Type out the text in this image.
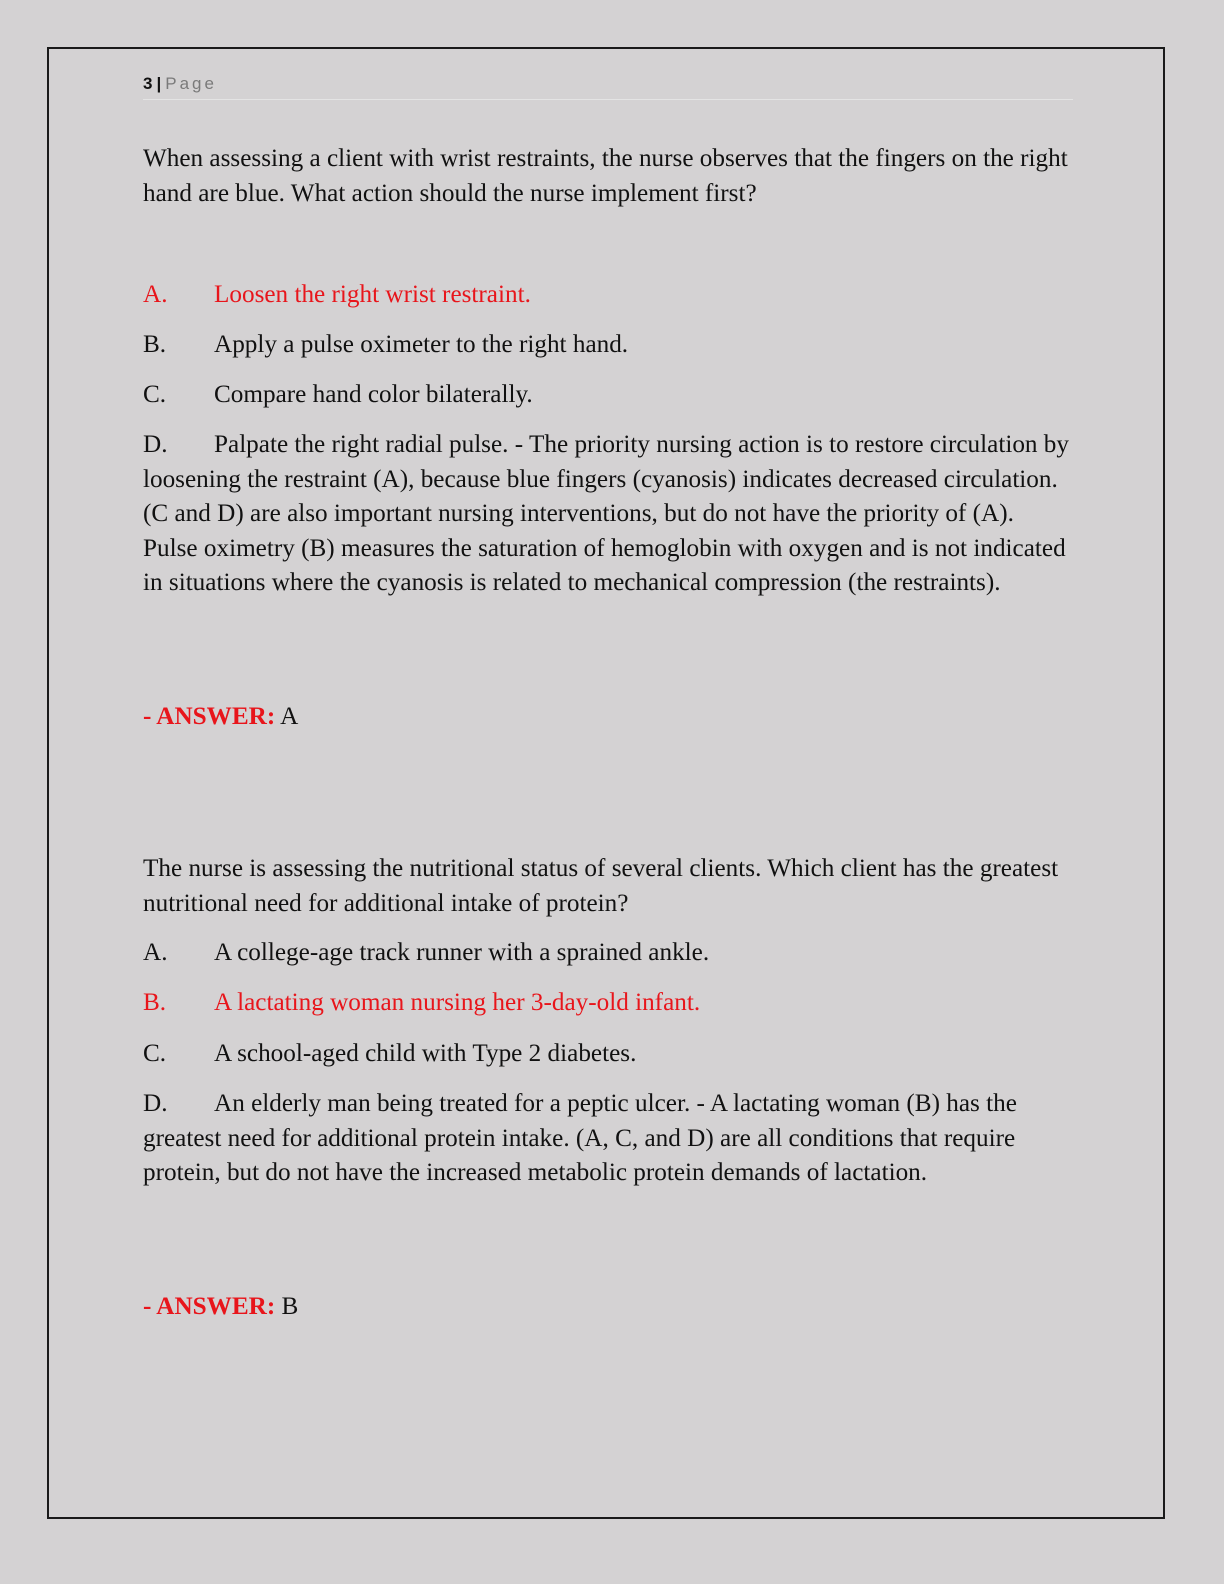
3 | Page

When assessing a client with wrist restraints, the nurse observes that the fingers on the right hand are blue. What action should the nurse implement first?

A. Loosen the right wrist restraint.

B. Apply a pulse oximeter to the right hand.

C. Compare hand color bilaterally.

D. Palpate the right radial pulse. - The priority nursing action is to restore circulation by loosening the restraint (A), because blue fingers (cyanosis) indicates decreased circulation. (C and D) are also important nursing interventions, but do not have the priority of (A). Pulse oximetry (B) measures the saturation of hemoglobin with oxygen and is not indicated in situations where the cyanosis is related to mechanical compression (the restraints).

- ANSWER: A

The nurse is assessing the nutritional status of several clients. Which client has the greatest nutritional need for additional intake of protein?

A. A college-age track runner with a sprained ankle.

B. A lactating woman nursing her 3-day-old infant.

C. A school-aged child with Type 2 diabetes.

D. An elderly man being treated for a peptic ulcer. - A lactating woman (B) has the greatest need for additional protein intake. (A, C, and D) are all conditions that require protein, but do not have the increased metabolic protein demands of lactation.

- ANSWER: B
